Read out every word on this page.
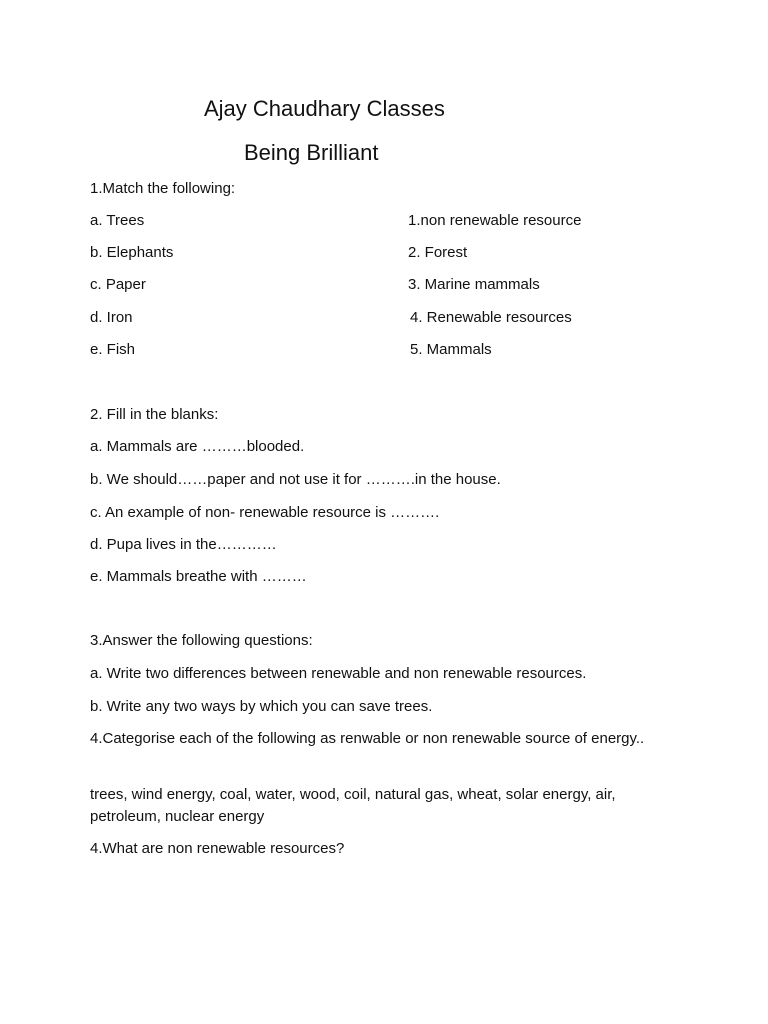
Ajay Chaudhary Classes
Being Brilliant
1.Match the following:
a. Trees
b. Elephants
c. Paper
d. Iron
e. Fish
1.non renewable resource
2. Forest
3. Marine mammals
4. Renewable resources
5. Mammals
2. Fill in the blanks:
a. Mammals are ………blooded.
b. We should……paper and not use it for ……….in the house.
c. An example of non- renewable resource is ……….
d. Pupa lives in the…………
e. Mammals breathe with ………
3.Answer the following questions:
a. Write two differences between renewable and non renewable resources.
b. Write any two ways by which you can save trees.
4.Categorise each of the following as renwable or non renewable source of energy..
trees, wind energy, coal, water, wood, coil, natural gas, wheat, solar energy, air, petroleum, nuclear energy
4.What are non renewable resources?
